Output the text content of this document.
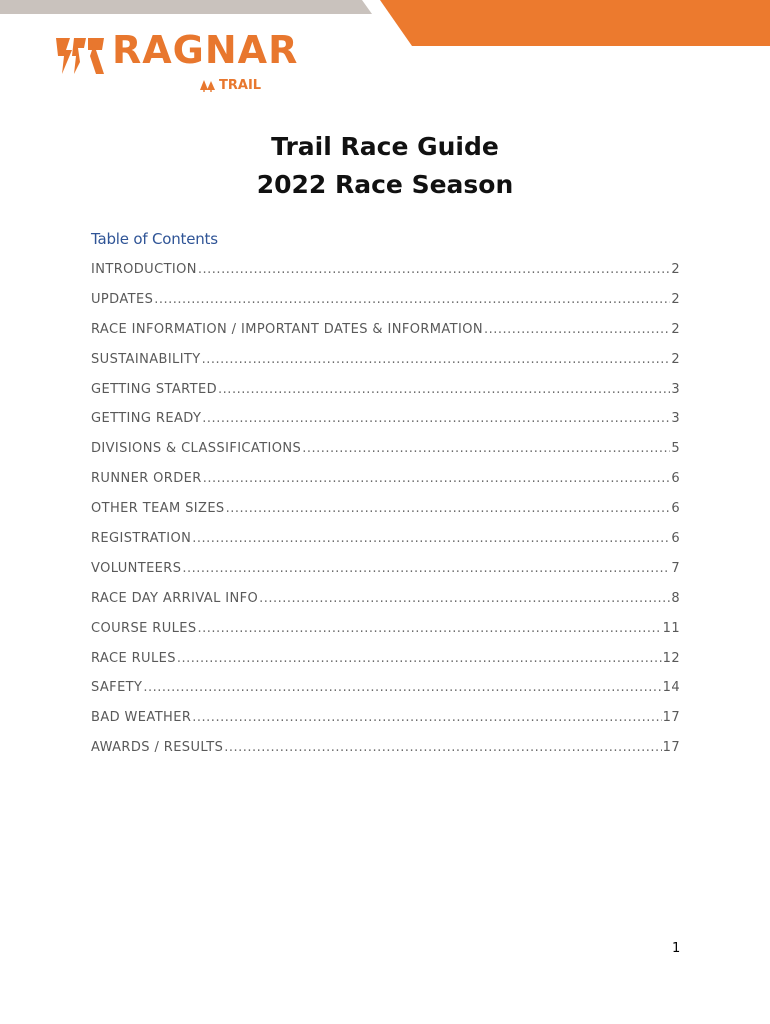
RAGNAR
TRAIL
Trail Race Guide
2022 Race Season
Table of Contents
INTRODUCTION .....	2
UPDATES .....	2
RACE INFORMATION / IMPORTANT DATES & INFORMATION .....	2
SUSTAINABILITY .....	2
GETTING STARTED .....	3
GETTING READY .....	3
DIVISIONS & CLASSIFICATIONS .....	5
RUNNER ORDER .....	6
OTHER TEAM SIZES .....	6
REGISTRATION .....	6
VOLUNTEERS .....	7
RACE DAY ARRIVAL INFO .....	8
COURSE RULES .....	11
RACE RULES .....	12
SAFETY .....	14
BAD WEATHER .....	17
AWARDS / RESULTS .....	17
1
